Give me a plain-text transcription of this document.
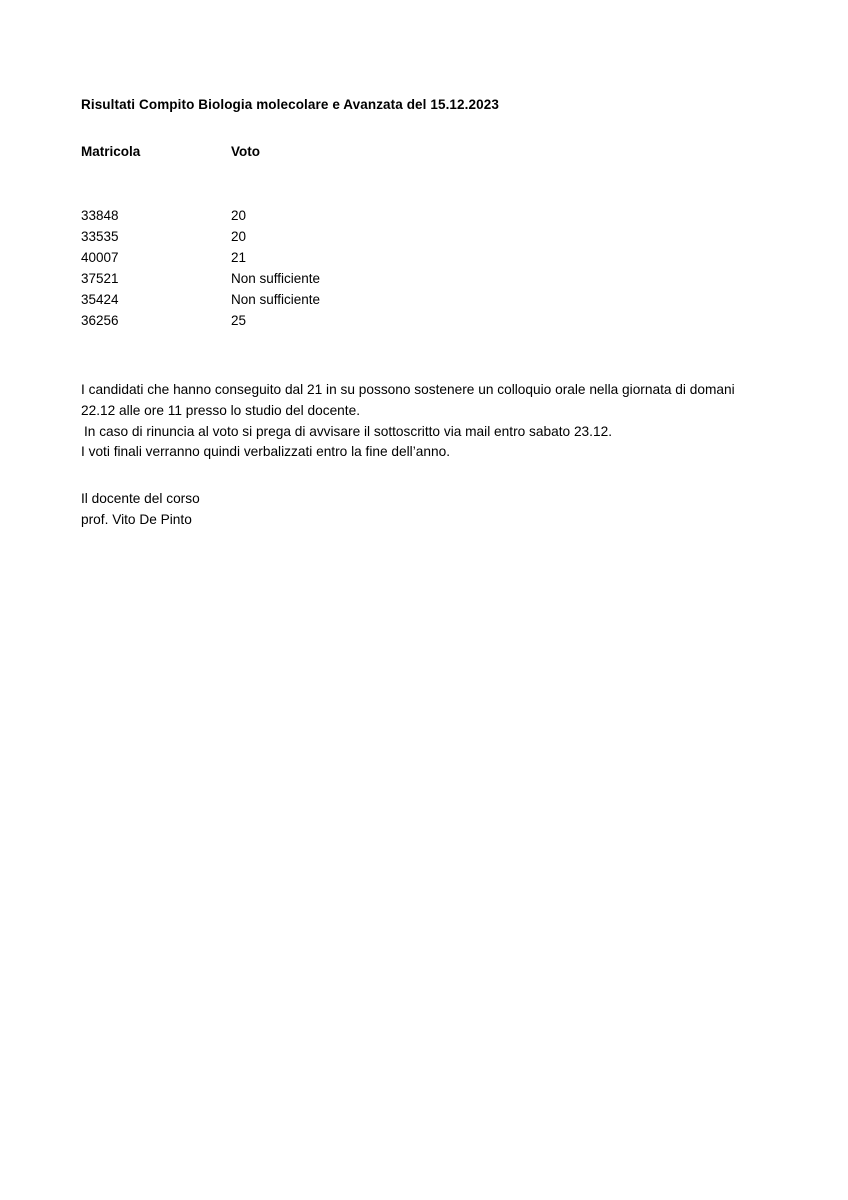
Risultati Compito Biologia molecolare e Avanzata del 15.12.2023
Matricola	Voto

33848	20
33535	20
40007	21
37521	Non sufficiente
35424	Non sufficiente
36256	25

I candidati che hanno conseguito dal 21 in su possono sostenere un colloquio orale nella giornata di domani 22.12 alle ore 11 presso lo studio del docente.

In caso di rinuncia al voto si prega di avvisare il sottoscritto via mail entro sabato 23.12.

I voti finali verranno quindi verbalizzati entro la fine dell’anno.

Il docente del corso

prof. Vito De Pinto
